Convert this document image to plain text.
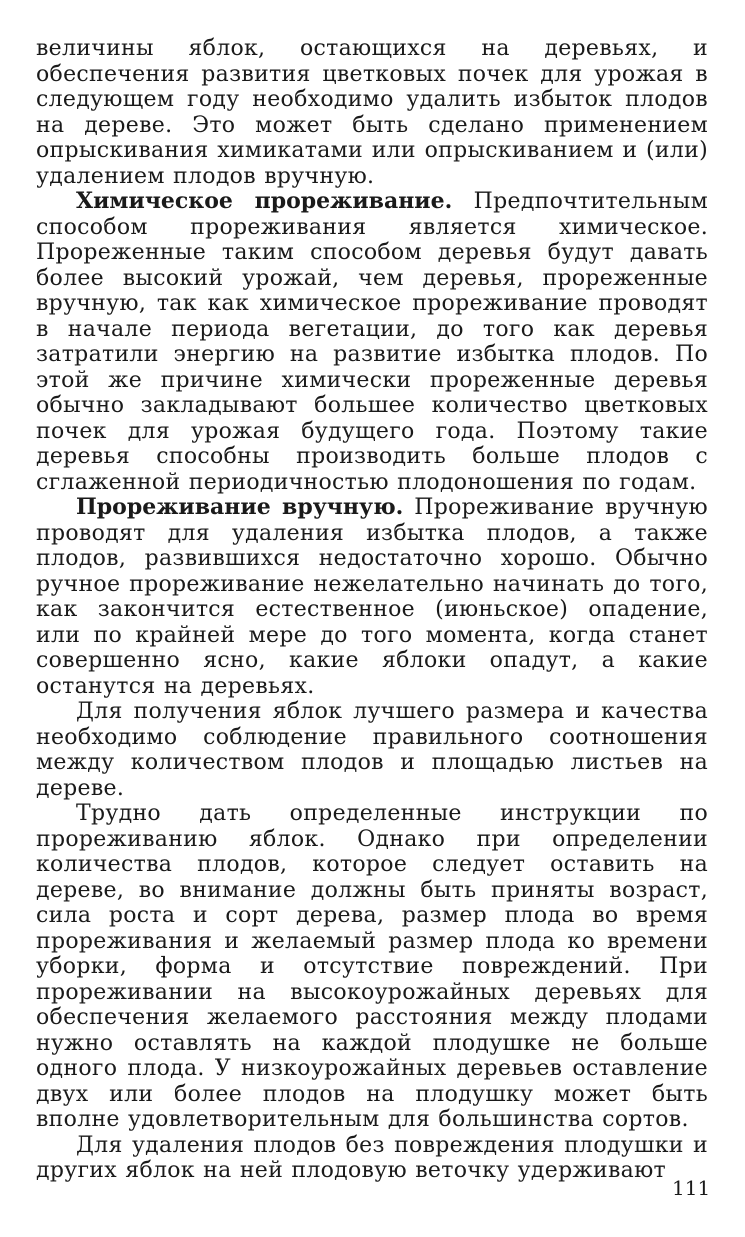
величины яблок, остающихся на деревьях, и обеспечения развития цветковых почек для урожая в следующем году необходимо удалить избыток плодов на дереве. Это может быть сделано применением опрыскивания химикатами или опрыскиванием и (или) удалением плодов вручную.

Химическое прореживание. Предпочтительным способом прореживания является химическое. Прореженные таким способом деревья будут давать более высокий урожай, чем деревья, прореженные вручную, так как химическое прореживание проводят в начале периода вегетации, до того как деревья затратили энергию на развитие избытка плодов. По этой же причине химически прореженные деревья обычно закладывают большее количество цветковых почек для урожая будущего года. Поэтому такие деревья способны производить больше плодов с сглаженной периодичностью плодоношения по годам.

Прореживание вручную. Прореживание вручную проводят для удаления избытка плодов, а также плодов, развившихся недостаточно хорошо. Обычно ручное прореживание нежелательно начинать до того, как закончится естественное (июньское) опадение, или по крайней мере до того момента, когда станет совершенно ясно, какие яблоки опадут, а какие останутся на деревьях.

Для получения яблок лучшего размера и качества необходимо соблюдение правильного соотношения между количеством плодов и площадью листьев на дереве.

Трудно дать определенные инструкции по прореживанию яблок. Однако при определении количества плодов, которое следует оставить на дереве, во внимание должны быть приняты возраст, сила роста и сорт дерева, размер плода во время прореживания и желаемый размер плода ко времени уборки, форма и отсутствие повреждений. При прореживании на высокоурожайных деревьях для обеспечения желаемого расстояния между плодами нужно оставлять на каждой плодушке не больше одного плода. У низкоурожайных деревьев оставление двух или более плодов на плодушку может быть вполне удовлетворительным для большинства сортов.

Для удаления плодов без повреждения плодушки и других яблок на ней плодовую веточку удерживают

111
